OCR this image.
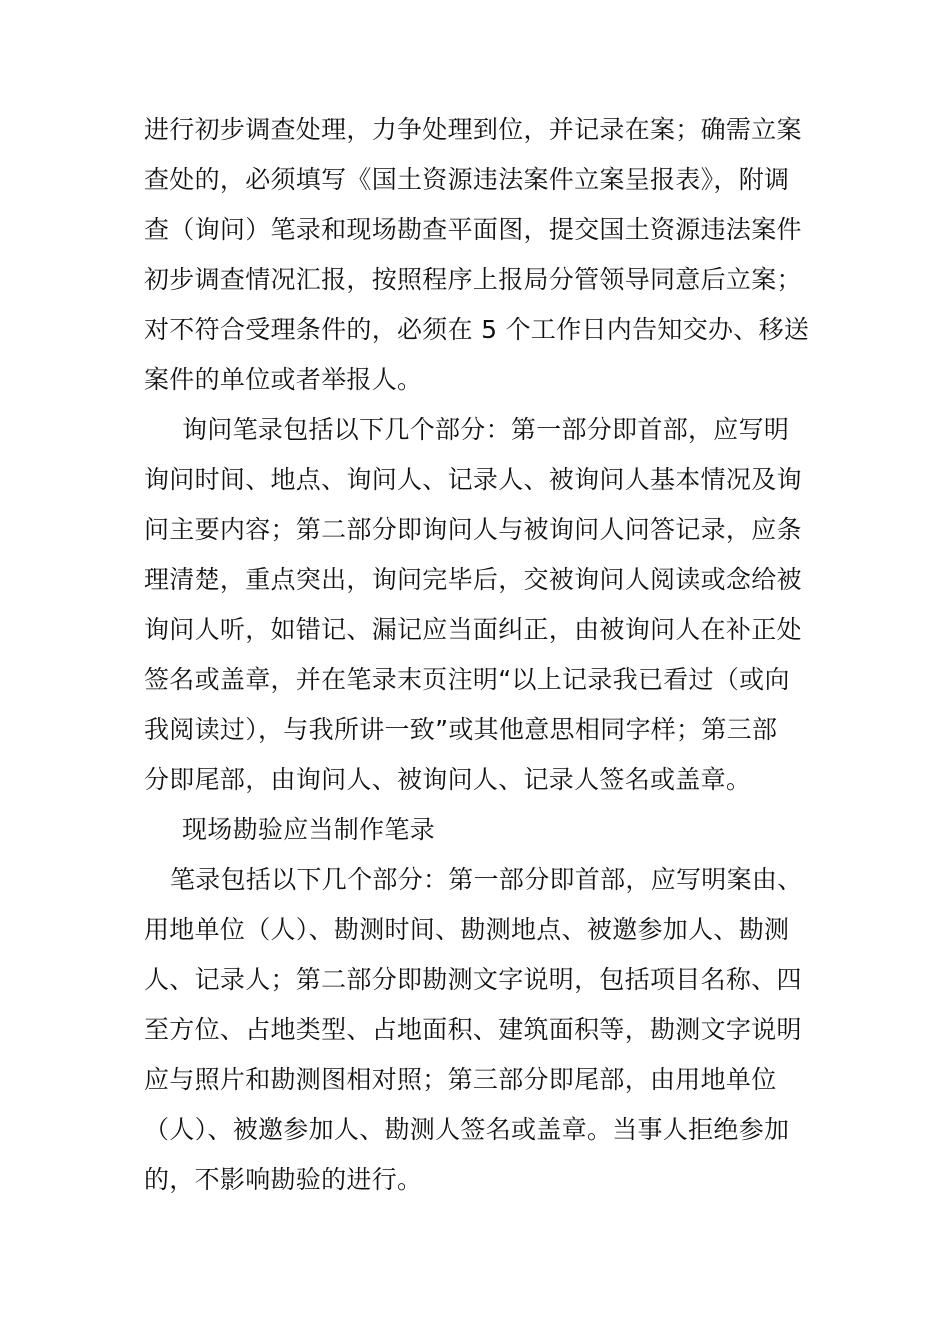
进行初步调查处理，力争处理到位，并记录在案；确需立案
查处的，必须填写《国土资源违法案件立案呈报表》，附调
查（询问）笔录和现场勘查平面图，提交国土资源违法案件
初步调查情况汇报，按照程序上报局分管领导同意后立案；
对不符合受理条件的，必须在 5 个工作日内告知交办、移送
案件的单位或者举报人。
询问笔录包括以下几个部分：第一部分即首部，应写明
询问时间、地点、询问人、记录人、被询问人基本情况及询
问主要内容；第二部分即询问人与被询问人问答记录，应条
理清楚，重点突出，询问完毕后，交被询问人阅读或念给被
询问人听，如错记、漏记应当面纠正，由被询问人在补正处
签名或盖章，并在笔录末页注明“以上记录我已看过（或向
我阅读过），与我所讲一致”或其他意思相同字样；第三部
分即尾部，由询问人、被询问人、记录人签名或盖章。
现场勘验应当制作笔录
笔录包括以下几个部分：第一部分即首部，应写明案由、
用地单位（人）、勘测时间、勘测地点、被邀参加人、勘测
人、记录人；第二部分即勘测文字说明，包括项目名称、四
至方位、占地类型、占地面积、建筑面积等，勘测文字说明
应与照片和勘测图相对照；第三部分即尾部，由用地单位
（人）、被邀参加人、勘测人签名或盖章。当事人拒绝参加
的，不影响勘验的进行。
